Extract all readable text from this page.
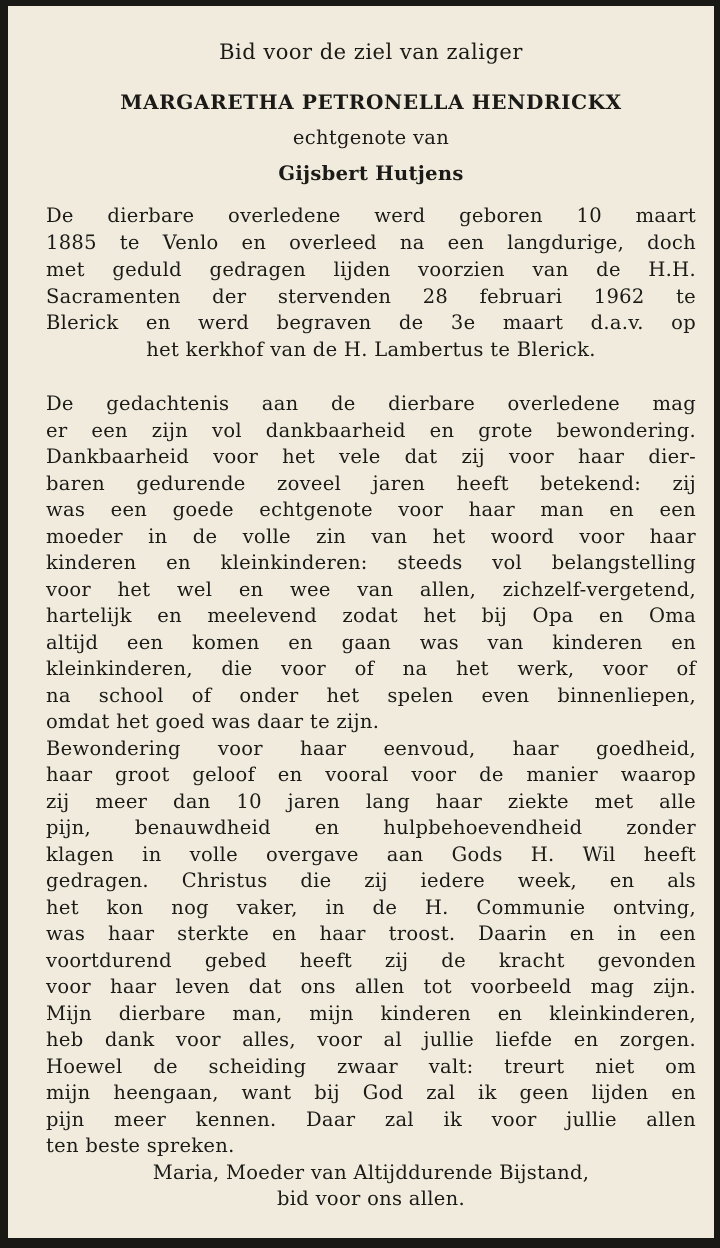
Bid voor de ziel van zaliger
MARGARETHA PETRONELLA HENDRICKX
echtgenote van
Gijsbert Hutjens
De dierbare overledene werd geboren 10 maart
1885 te Venlo en overleed na een langdurige, doch
met geduld gedragen lijden voorzien van de H.H.
Sacramenten der stervenden 28 februari 1962 te
Blerick en werd begraven de 3e maart d.a.v. op
het kerkhof van de H. Lambertus te Blerick.
De gedachtenis aan de dierbare overledene mag
er een zijn vol dankbaarheid en grote bewondering.
Dankbaarheid voor het vele dat zij voor haar dier-
baren gedurende zoveel jaren heeft betekend: zij
was een goede echtgenote voor haar man en een
moeder in de volle zin van het woord voor haar
kinderen en kleinkinderen: steeds vol belangstelling
voor het wel en wee van allen, zichzelf-vergetend,
hartelijk en meelevend zodat het bij Opa en Oma
altijd een komen en gaan was van kinderen en
kleinkinderen, die voor of na het werk, voor of
na school of onder het spelen even binnenliepen,
omdat het goed was daar te zijn.
Bewondering voor haar eenvoud, haar goedheid,
haar groot geloof en vooral voor de manier waarop
zij meer dan 10 jaren lang haar ziekte met alle
pijn, benauwdheid en hulpbehoevendheid zonder
klagen in volle overgave aan Gods H. Wil heeft
gedragen. Christus die zij iedere week, en als
het kon nog vaker, in de H. Communie ontving,
was haar sterkte en haar troost. Daarin en in een
voortdurend gebed heeft zij de kracht gevonden
voor haar leven dat ons allen tot voorbeeld mag zijn.
Mijn dierbare man, mijn kinderen en kleinkinderen,
heb dank voor alles, voor al jullie liefde en zorgen.
Hoewel de scheiding zwaar valt: treurt niet om
mijn heengaan, want bij God zal ik geen lijden en
pijn meer kennen. Daar zal ik voor jullie allen
ten beste spreken.
Maria, Moeder van Altijddurende Bijstand,
bid voor ons allen.
